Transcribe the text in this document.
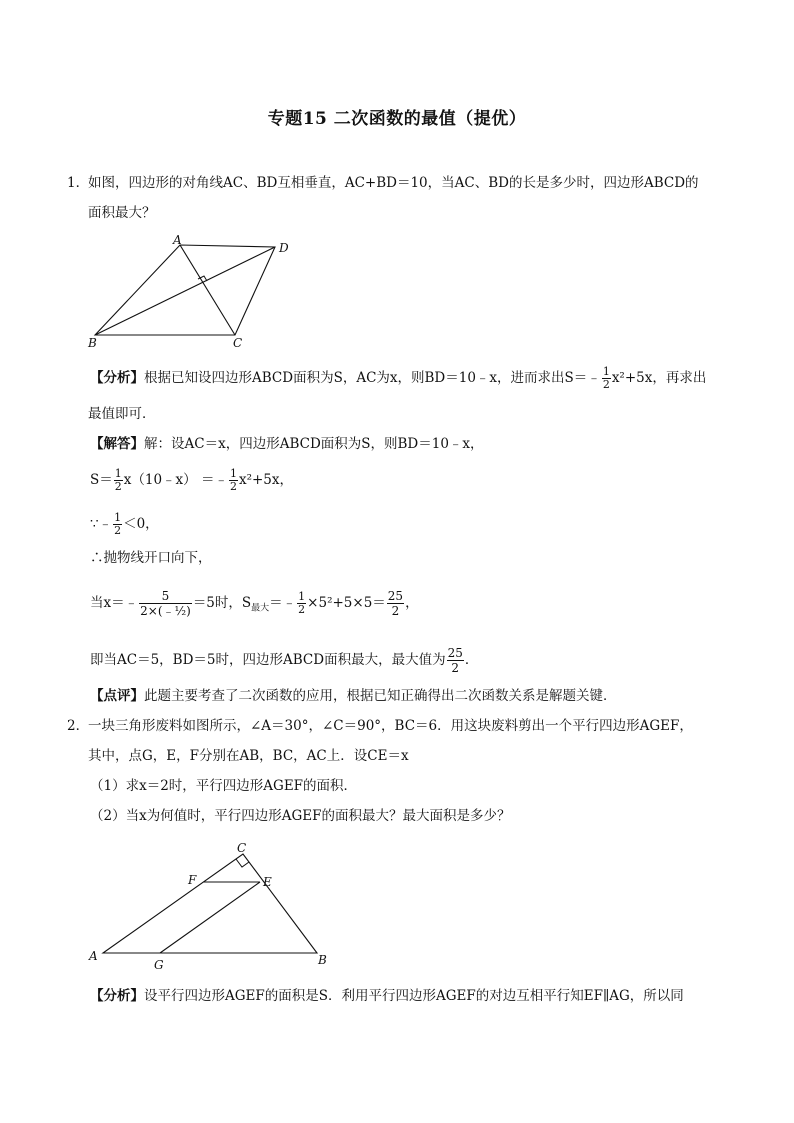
专题15 二次函数的最值（提优）
1．
如图，四边形的对角线AC、BD互相垂直，AC+BD＝10，当AC、BD的长是多少时，四边形ABCD的
面积最大？
A
D
B	C
【分析】根据已知设四边形ABCD面积为S，AC为x，则BD＝10﹣x，进而求出S＝﹣ $\frac{1}{2} x^2+5x$，再求出
最值即可．
【解答】解：设AC＝x，四边形ABCD面积为S，则BD＝10﹣x，
$S= \frac{1}{2}$ x（10﹣x） ＝﹣ $\frac{1}{2} x^2+5x$，
∵﹣ $\frac{1}{2} <0$，
∴抛物线开口向下，
当x＝﹣ $\frac{5}{\text{2×(﹣½)}} =5$时，$S_{最大}=﹣ \frac{1}{2} \times 5^2+5\times 5= \frac{25}{2}$ ，
即当AC＝5，BD＝5时，四边形ABCD面积最大，最大值为 $\frac{25}{2}$ ．
【点评】此题主要考查了二次函数的应用，根据已知正确得出二次函数关系是解题关键．
2．
一块三角形废料如图所示，∠A＝30°，∠C＝90°，BC＝6．用这块废料剪出一个平行四边形AGEF，
其中，点G，E，F分别在AB，BC，AC上．设CE＝x
（1）求x＝2时，平行四边形AGEF的面积．
（2）当x为何值时，平行四边形AGEF的面积最大？最大面积是多少？
C
F	E
A
G	B
【分析】设平行四边形AGEF的面积是S．利用平行四边形AGEF的对边互相平行知EF∥AG，所以同
